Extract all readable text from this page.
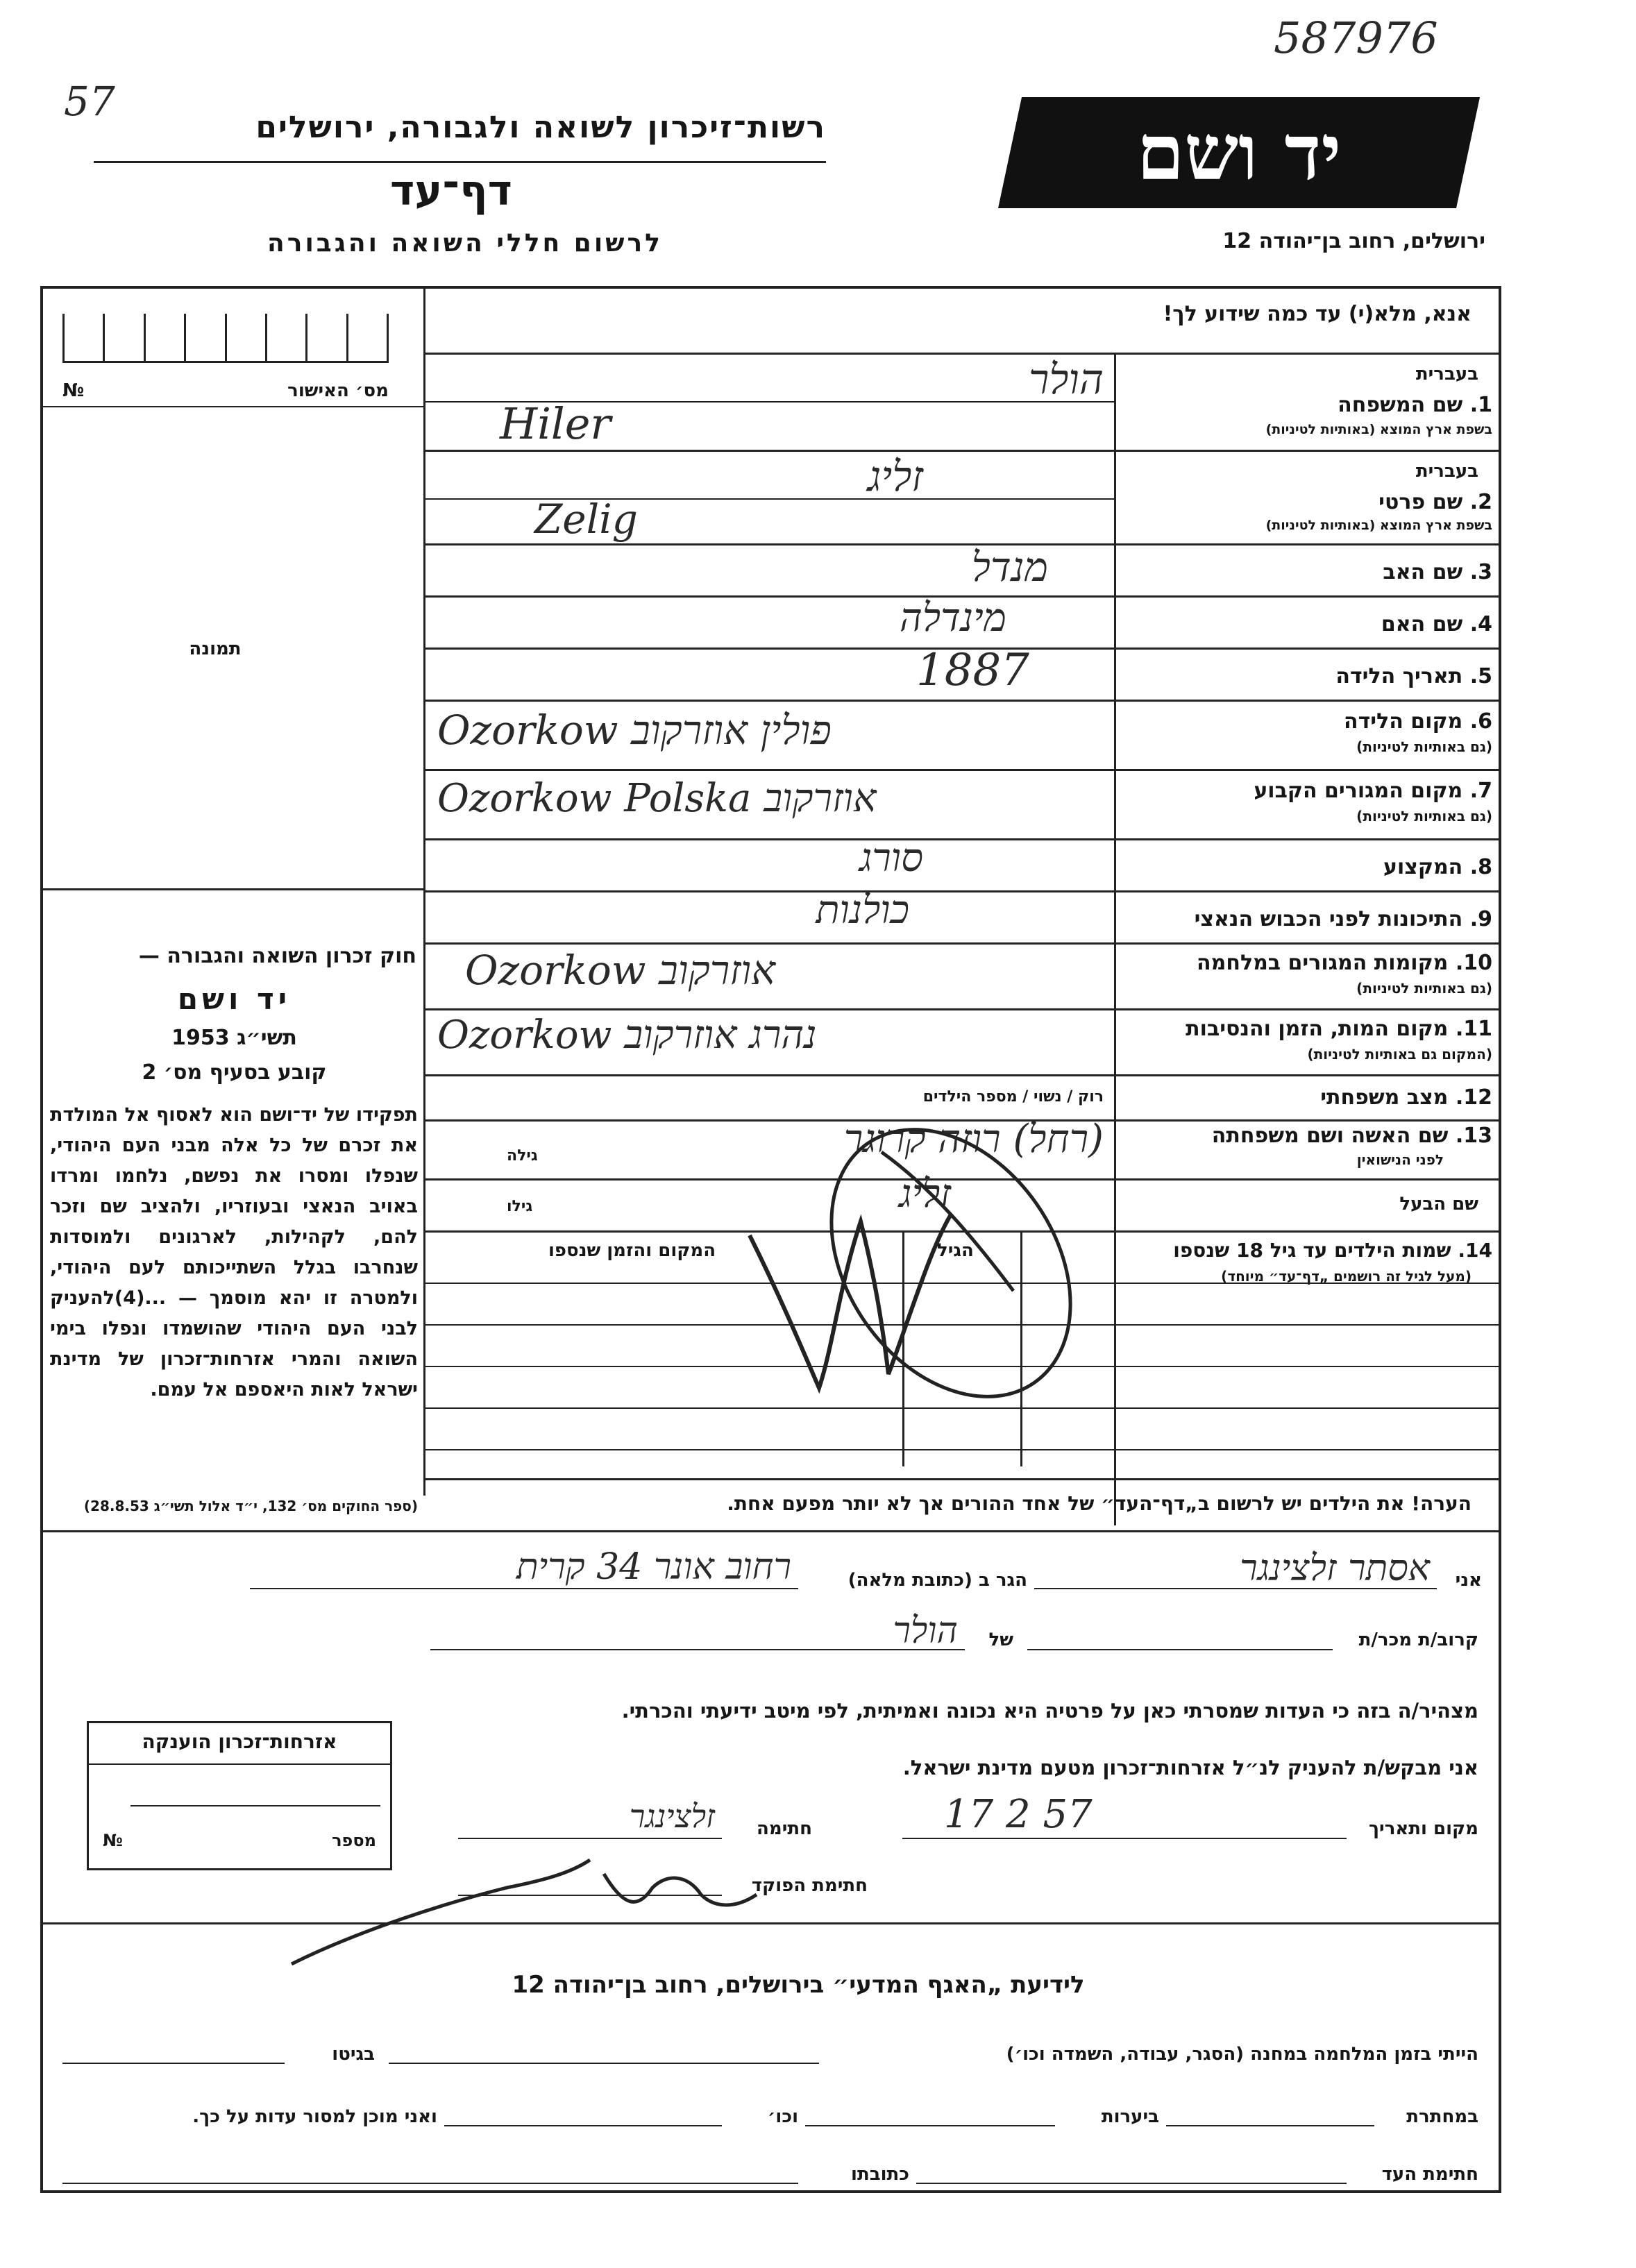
587976
57
רשות־זיכרון לשואה ולגבורה, ירושלים
דף־עד
לרשום חללי השואה והגבורה
יד ושם
ירושלים, רחוב בן־יהודה 12
מס׳ האישור
№
תמונה
חוק זכרון השואה והגבורה —
יד ושם
תשי״ג 1953
קובע בסעיף מס׳ 2
תפקידו של יד־ושם הוא לאסוף אל המולדת את זכרם של כל אלה מבני העם היהודי, שנפלו ומסרו את נפשם, נלחמו ומרדו באויב הנאצי ובעוזריו, ולהציב שם וזכר להם, לקהילות, לארגונים ולמוסדות שנחרבו בגלל השתייכותם לעם היהודי, ולמטרה זו יהא מוסמך — ...(4)להעניק לבני העם היהודי שהושמדו ונפלו בימי השואה והמרי אזרחות־זכרון של מדינת ישראל לאות היאספם אל עמם.
(ספר החוקים מס׳ 132, י״ד אלול תשי״ג 28.8.53)
אנא, מלא(י) עד כמה שידוע לך!
בעברית
1. שם המשפחה
בשפת ארץ המוצא (באותיות לטיניות)
הולר
Hiler
בעברית
2. שם פרטי
בשפת ארץ המוצא (באותיות לטיניות)
זליג
Zelig
3. שם האב
מנדל
4. שם האם
מינדלה
5. תאריך הלידה
1887
6. מקום הלידה
(גם באותיות לטיניות)
Ozorkow פולין אוזרקוב
7. מקום המגורים הקבוע
(גם באותיות לטיניות)
Ozorkow Polska אוזרקוב
8. המקצוע
סורג
9. התיכונות לפני הכבוש הנאצי
כולנות
10. מקומות המגורים במלחמה
(גם באותיות לטיניות)
Ozorkow אוזרקוב
11. מקום המות, הזמן והנסיבות
(המקום גם באותיות לטיניות)
Ozorkow נהרג אוזרקוב
12. מצב משפחתי
רוק / נשוי / מספר הילדים
13. שם האשה ושם משפחתה
לפני הנישואין
גילה	(רחל) רוזה קרוגר
שם הבעל
גילו	זליג
14. שמות הילדים עד גיל 18 שנספו
(מעל לגיל זה רושמים „דף־עד״ מיוחד)
הגיל
המקום והזמן שנספו
הערה! את הילדים יש לרשום ב„דף־העד״ של אחד ההורים אך לא יותר מפעם אחת.
אני
אסתר זלצינגר
הגר ב (כתובת מלאה)
רחוב אונר 34 קרית
קרוב/ת מכר/ת
של
הולר
מצהיר/ה בזה כי העדות שמסרתי כאן על פרטיה היא נכונה ואמיתית, לפי מיטב ידיעתי והכרתי.
אני מבקש/ת להעניק לנ״ל אזרחות־זכרון מטעם מדינת ישראל.
מקום ותאריך
17 2 57
חתימה
זלצינגר
חתימת הפוקד
אזרחות־זכרון הוענקה
מספר
№
לידיעת „האגף המדעי״ בירושלים, רחוב בן־יהודה 12
הייתי בזמן המלחמה במחנה (הסגר, עבודה, השמדה וכו׳)
בגיטו
במחתרת
ביערות
וכו׳
ואני מוכן למסור עדות על כך.
חתימת העד
כתובתו
